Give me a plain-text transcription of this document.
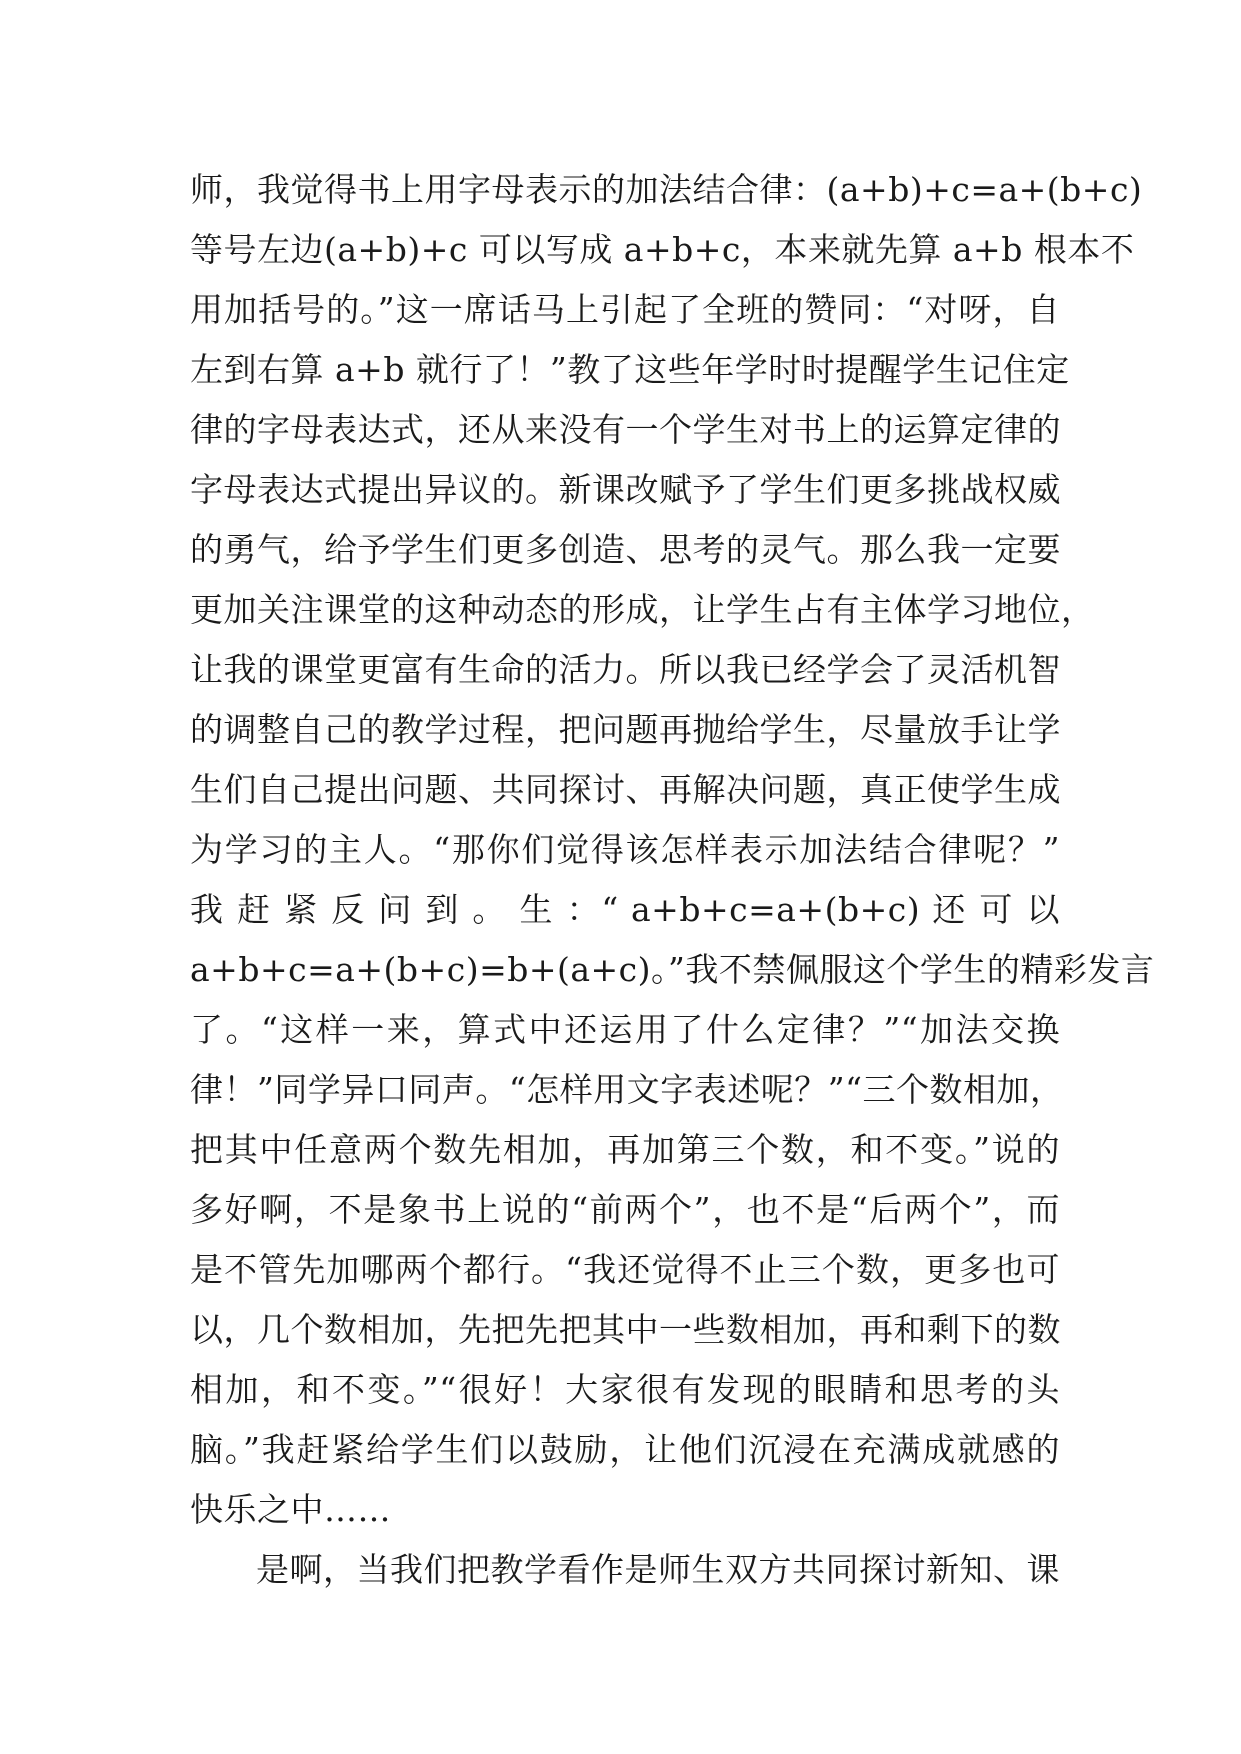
师，我觉得书上用字母表示的加法结合律：(a+b)+c=a+(b+c)
等号左边(a+b)+c 可以写成 a+b+c，本来就先算 a+b 根本不
用加括号的。”这一席话马上引起了全班的赞同：“对呀，自
左到右算 a+b 就行了！”教了这些年学时时提醒学生记住定
律的字母表达式，还从来没有一个学生对书上的运算定律的
字母表达式提出异议的。新课改赋予了学生们更多挑战权威
的勇气，给予学生们更多创造、思考的灵气。那么我一定要
更加关注课堂的这种动态的形成，让学生占有主体学习地位，
让我的课堂更富有生命的活力。所以我已经学会了灵活机智
的调整自己的教学过程，把问题再抛给学生，尽量放手让学
生们自己提出问题、共同探讨、再解决问题，真正使学生成
为学习的主人。“那你们觉得该怎样表示加法结合律呢？”
我 赶 紧 反 问 到 。 生 ：“ a+b+c=a+(b+c) 还 可 以
a+b+c=a+(b+c)=b+(a+c)。”我不禁佩服这个学生的精彩发言
了。“这样一来，算式中还运用了什么定律？”“加法交换
律！”同学异口同声。“怎样用文字表述呢？”“三个数相加，
把其中任意两个数先相加，再加第三个数，和不变。”说的
多好啊，不是象书上说的“前两个”，也不是“后两个”，而
是不管先加哪两个都行。“我还觉得不止三个数，更多也可
以，几个数相加，先把先把其中一些数相加，再和剩下的数
相加，和不变。”“很好！大家很有发现的眼睛和思考的头
脑。”我赶紧给学生们以鼓励，让他们沉浸在充满成就感的
快乐之中……
是啊，当我们把教学看作是师生双方共同探讨新知、课
